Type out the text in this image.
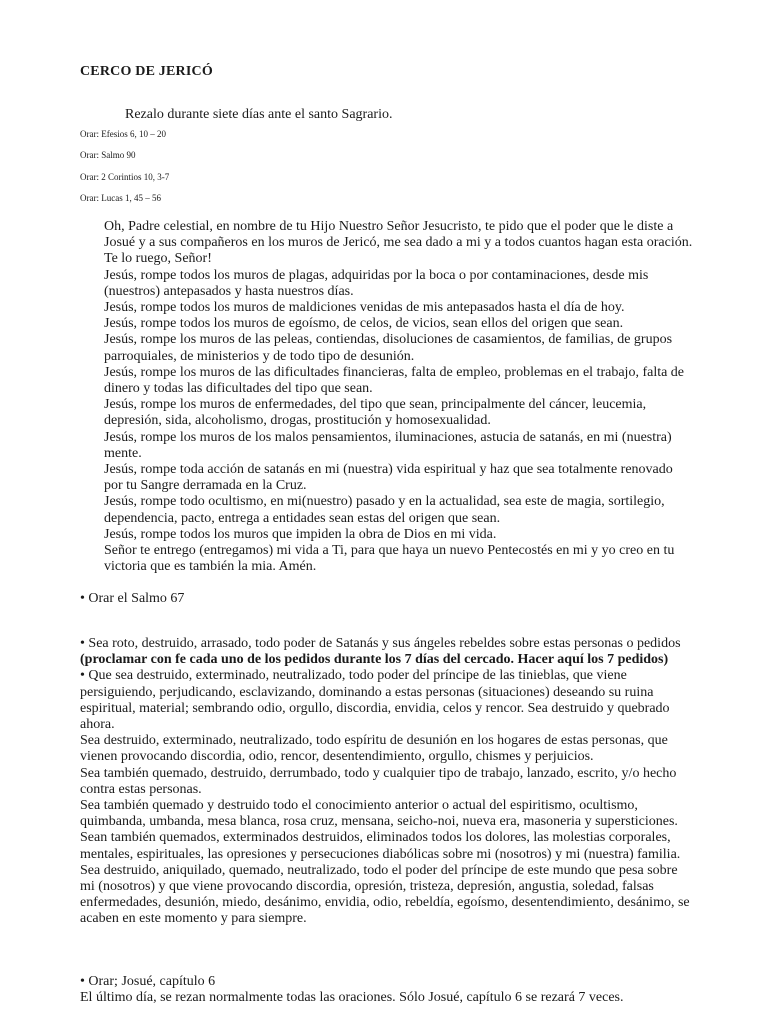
CERCO DE JERICÓ
Rezalo durante siete días ante el santo Sagrario.
Orar: Efesios 6, 10 – 20
Orar: Salmo 90
Orar: 2 Corintios 10, 3-7
Orar: Lucas 1, 45 – 56

Oh, Padre celestial, en nombre de tu Hijo Nuestro Señor Jesucristo, te pido que el poder que le diste a Josué y a sus compañeros en los muros de Jericó, me sea dado a mi y a todos cuantos hagan esta oración. Te lo ruego, Señor!

Jesús, rompe todos los muros de plagas, adquiridas por la boca o por contaminaciones, desde mis (nuestros) antepasados y hasta nuestros días.

Jesús, rompe todos los muros de maldiciones venidas de mis antepasados hasta el día de hoy.

Jesús, rompe todos los muros de egoísmo, de celos, de vicios, sean ellos del origen que sean.

Jesús, rompe los muros de las peleas, contiendas, disoluciones de casamientos, de familias, de grupos parroquiales, de ministerios y de todo tipo de desunión.

Jesús, rompe los muros de las dificultades financieras, falta de empleo, problemas en el trabajo, falta de dinero y todas las dificultades del tipo que sean.

Jesús, rompe los muros de enfermedades, del tipo que sean, principalmente del cáncer, leucemia, depresión, sida, alcoholismo, drogas, prostitución y homosexualidad.

Jesús, rompe los muros de los malos pensamientos, iluminaciones, astucia de satanás, en mi (nuestra) mente.

Jesús, rompe toda acción de satanás en mi (nuestra) vida espiritual y haz que sea totalmente renovado por tu Sangre derramada en la Cruz.

Jesús, rompe todo ocultismo, en mi(nuestro) pasado y en la actualidad, sea este de magia, sortilegio, dependencia, pacto, entrega a entidades sean estas del origen que sean.

Jesús, rompe todos los muros que impiden la obra de Dios en mi vida.

Señor te entrego (entregamos) mi vida a Ti, para que haya un nuevo Pentecostés en mi y yo creo en tu victoria que es también la mia. Amén.

• Orar el Salmo 67

• Sea roto, destruido, arrasado, todo poder de Satanás y sus ángeles rebeldes sobre estas personas o pedidos (proclamar con fe cada uno de los pedidos durante los 7 días del cercado. Hacer aquí los 7 pedidos)

• Que sea destruido, exterminado, neutralizado, todo poder del príncipe de las tinieblas, que viene persiguiendo, perjudicando, esclavizando, dominando a estas personas (situaciones) deseando su ruina espiritual, material; sembrando odio, orgullo, discordia, envidia, celos y rencor. Sea destruido y quebrado ahora.

Sea destruido, exterminado, neutralizado, todo espíritu de desunión en los hogares de estas personas, que vienen provocando discordia, odio, rencor, desentendimiento, orgullo, chismes y perjuicios.

Sea también quemado, destruido, derrumbado, todo y cualquier tipo de trabajo, lanzado, escrito, y/o hecho contra estas personas.

Sea también quemado y destruido todo el conocimiento anterior o actual del espiritismo, ocultismo, quimbanda, umbanda, mesa blanca, rosa cruz, mensana, seicho-noi, nueva era, masoneria y supersticiones.

Sean también quemados, exterminados destruidos, eliminados todos los dolores, las molestias corporales, mentales, espirituales, las opresiones y persecuciones diabólicas sobre mi (nosotros) y mi (nuestra) familia.

Sea destruido, aniquilado, quemado, neutralizado, todo el poder del príncipe de este mundo que pesa sobre mi (nosotros) y que viene provocando discordia, opresión, tristeza, depresión, angustia, soledad, falsas enfermedades, desunión, miedo, desánimo, envidia, odio, rebeldía, egoísmo, desentendimiento, desánimo, se acaben en este momento y para siempre.

• Orar; Josué, capítulo 6

El último día, se rezan normalmente todas las oraciones. Sólo Josué, capítulo 6 se rezará 7 veces.
